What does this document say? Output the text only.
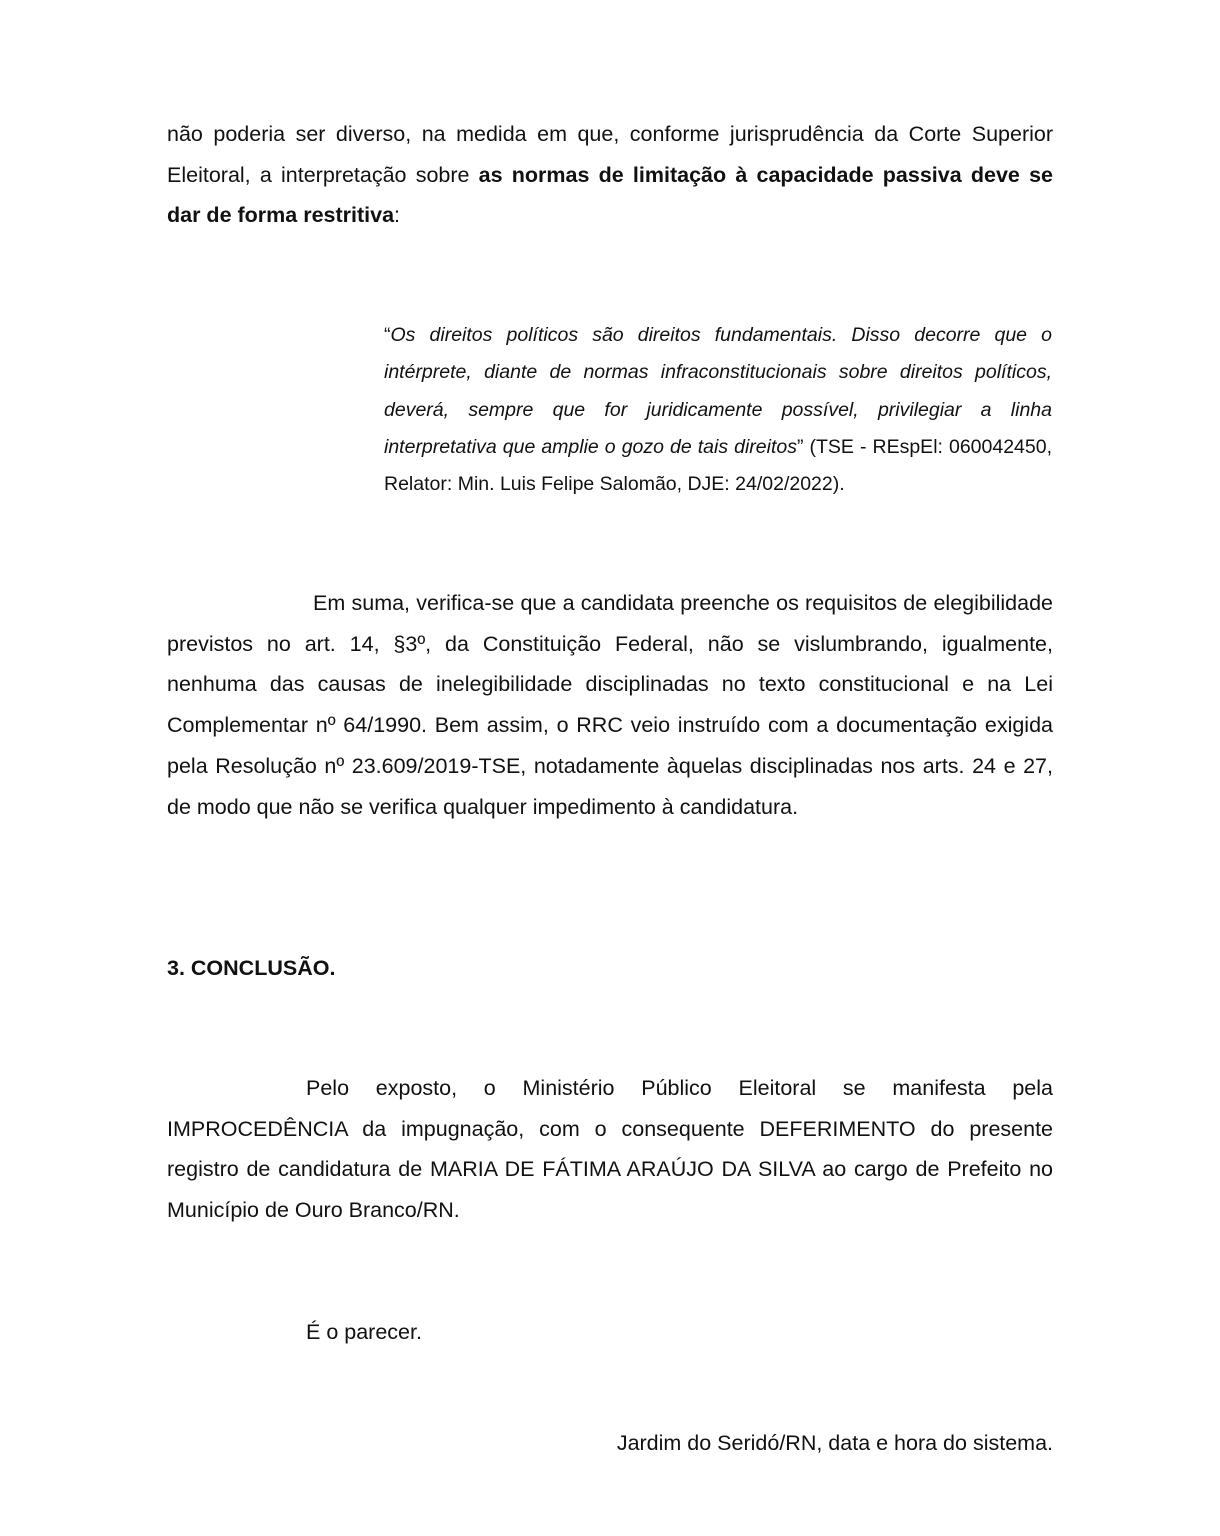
não poderia ser diverso, na medida em que, conforme jurisprudência da Corte Superior Eleitoral, a interpretação sobre as normas de limitação à capacidade passiva deve se dar de forma restritiva:

“Os direitos políticos são direitos fundamentais. Disso decorre que o intérprete, diante de normas infraconstitucionais sobre direitos políticos, deverá, sempre que for juridicamente possível, privilegiar a linha interpretativa que amplie o gozo de tais direitos” (TSE - REspEl: 060042450, Relator: Min. Luis Felipe Salomão, DJE: 24/02/2022).

Em suma, verifica-se que a candidata preenche os requisitos de elegibilidade previstos no art. 14, §3º, da Constituição Federal, não se vislumbrando, igualmente, nenhuma das causas de inelegibilidade disciplinadas no texto constitucional e na Lei Complementar nº 64/1990. Bem assim, o RRC veio instruído com a documentação exigida pela Resolução nº 23.609/2019-TSE, notadamente àquelas disciplinadas nos arts. 24 e 27, de modo que não se verifica qualquer impedimento à candidatura.

3. CONCLUSÃO.

Pelo exposto, o Ministério Público Eleitoral se manifesta pela IMPROCEDÊNCIA da impugnação, com o consequente DEFERIMENTO do presente registro de candidatura de MARIA DE FÁTIMA ARAÚJO DA SILVA ao cargo de Prefeito no Município de Ouro Branco/RN.

É o parecer.

Jardim do Seridó/RN, data e hora do sistema.
